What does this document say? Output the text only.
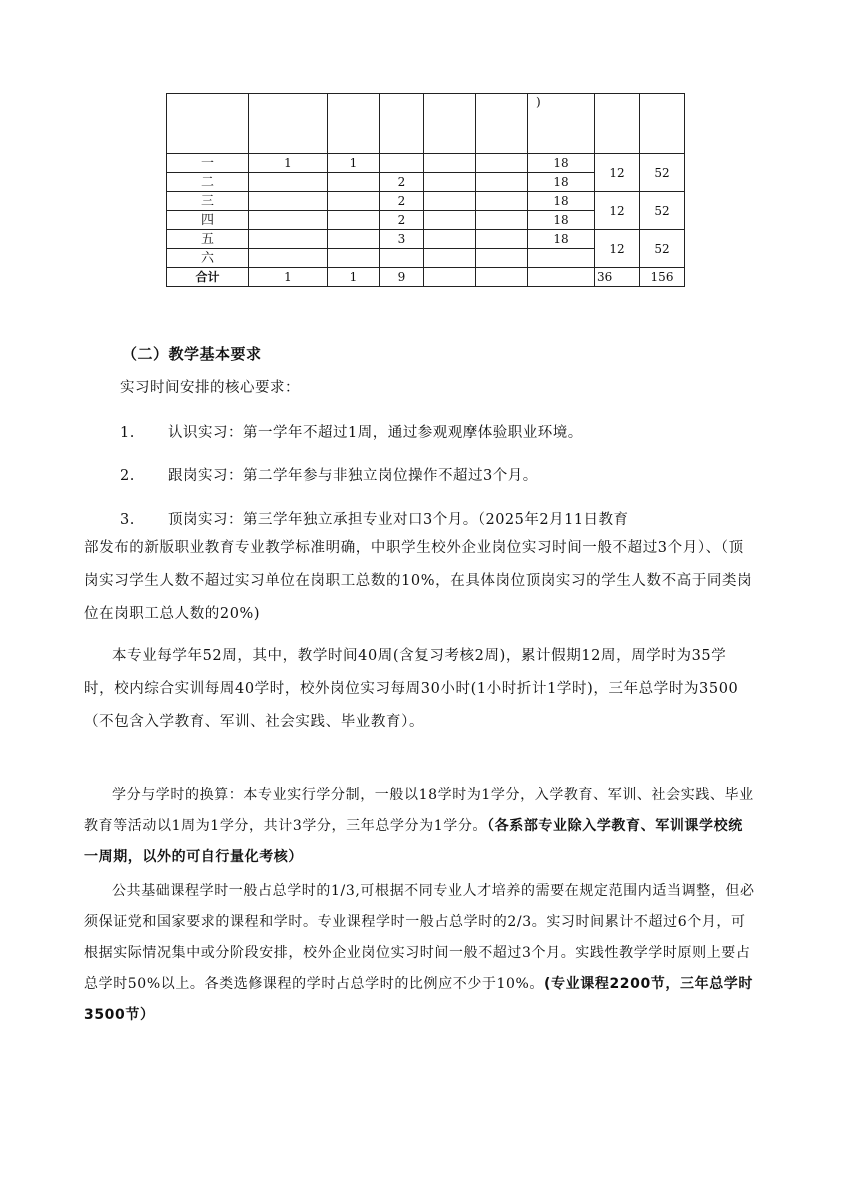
						)		
一	1	1				18	12	52
二			2			18		
三			2			18	12	52
四			2			18		
五			3			18	12	52
六								
合计	1	1	9				36	156
（二）教学基本要求
实习时间安排的核心要求：
1. 认识实习：第一学年不超过1周，通过参观观摩体验职业环境。
2. 跟岗实习：第二学年参与非独立岗位操作不超过3个月。
3. 顶岗实习：第三学年独立承担专业对口3个月。（2025年2月11日教育
部发布的新版职业教育专业教学标准明确，中职学生校外企业岗位实习时间一般不超过3个月）、（顶岗实习学生人数不超过实习单位在岗职工总数的10%，在具体岗位顶岗实习的学生人数不高于同类岗位在岗职工总人数的20%)
本专业每学年52周，其中，教学时间40周(含复习考核2周)，累计假期12周，周学时为35学时，校内综合实训每周40学时，校外岗位实习每周30小时(1小时折计1学时)，三年总学时为3500（不包含入学教育、军训、社会实践、毕业教育）。
学分与学时的换算：本专业实行学分制，一般以18学时为1学分，入学教育、军训、社会实践、毕业教育等活动以1周为1学分，共计3学分，三年总学分为1学分。（各系部专业除入学教育、军训课学校统一周期，以外的可自行量化考核）
公共基础课程学时一般占总学时的1/3,可根据不同专业人才培养的需要在规定范围内适当调整，但必须保证党和国家要求的课程和学时。专业课程学时一般占总学时的2/3。实习时间累计不超过6个月，可根据实际情况集中或分阶段安排，校外企业岗位实习时间一般不超过3个月。实践性教学学时原则上要占总学时50%以上。各类选修课程的学时占总学时的比例应不少于10%。(专业课程2200节，三年总学时3500节）
